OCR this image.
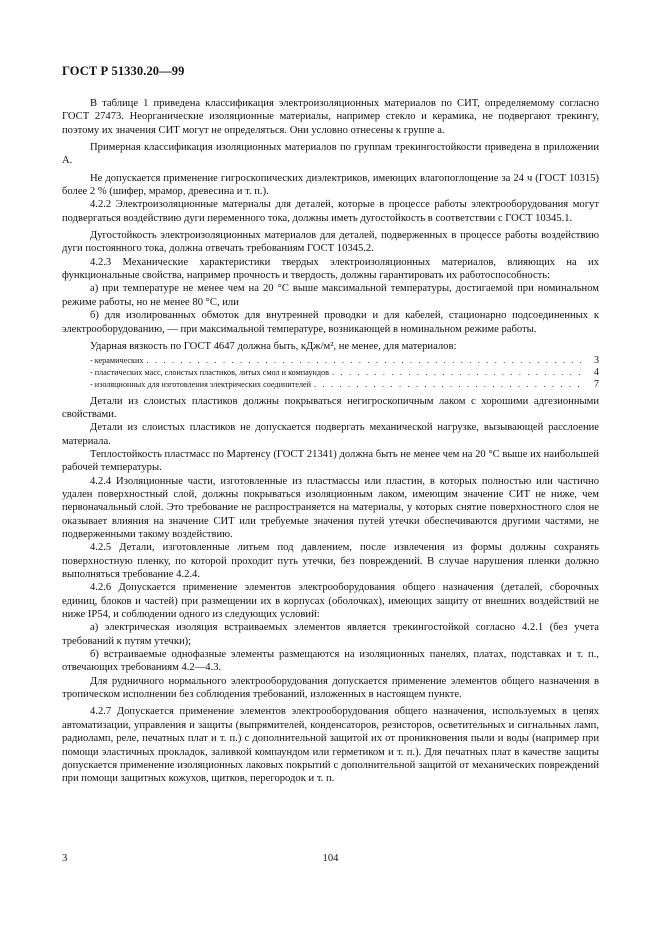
ГОСТ Р 51330.20—99

В таблице 1 приведена классификация электроизоляционных материалов по СИТ, определяемому согласно ГОСТ 27473. Неорганические изоляционные материалы, например стекло и керамика, не подвергают трекингу, поэтому их значения СИТ могут не определяться. Они условно отнесены к группе a.

Примерная классификация изоляционных материалов по группам трекингостойкости приведена в приложении А.

Не допускается применение гигроскопических диэлектриков, имеющих влагопоглощение за 24 ч (ГОСТ 10315) более 2 % (шифер, мрамор, древесина и т. п.).

4.2.2 Электроизоляционные материалы для деталей, которые в процессе работы электрооборудования могут подвергаться воздействию дуги переменного тока, должны иметь дугостойкость в соответствии с ГОСТ 10345.1.

Дугостойкость электроизоляционных материалов для деталей, подверженных в процессе работы воздействию дуги постоянного тока, должна отвечать требованиям ГОСТ 10345.2.

4.2.3 Механические характеристики твердых электроизоляционных материалов, влияющих на их функциональные свойства, например прочность и твердость, должны гарантировать их работоспособность:

а) при температуре не менее чем на 20 °С выше максимальной температуры, достигаемой при номинальном режиме работы, но не менее 80 °С, или

б) для изолированных обмоток для внутренней проводки и для кабелей, стационарно подсоединенных к электрооборудованию, — при максимальной температуре, возникающей в номинальном режиме работы.

Ударная вязкость по ГОСТ 4647 должна быть, кДж/м², не менее, для материалов:

- керамических . . .	3
- пластических масс, слоистых пластиков, литых смол и компаундов . . .	4
- изоляционных для изготовления электрических соединителей . . .	7

Детали из слоистых пластиков должны покрываться негигроскопичным лаком с хорошими адгезионными свойствами.

Детали из слоистых пластиков не допускается подвергать механической нагрузке, вызывающей расслоение материала.

Теплостойкость пластмасс по Мартенсу (ГОСТ 21341) должна быть не менее чем на 20 °С выше их наибольшей рабочей температуры.

4.2.4 Изоляционные части, изготовленные из пластмассы или пластин, в которых полностью или частично удален поверхностный слой, должны покрываться изоляционным лаком, имеющим значение СИТ не ниже, чем первоначальный слой. Это требование не распространяется на материалы, у которых снятие поверхностного слоя не оказывает влияния на значение СИТ или требуемые значения путей утечки обеспечиваются другими частями, не подверженными такому воздействию.

4.2.5 Детали, изготовленные литьем под давлением, после извлечения из формы должны сохранять поверхностную пленку, по которой проходит путь утечки, без повреждений. В случае нарушения пленки должно выполняться требование 4.2.4.

4.2.6 Допускается применение элементов электрооборудования общего назначения (деталей, сборочных единиц, блоков и частей) при размещении их в корпусах (оболочках), имеющих защиту от внешних воздействий не ниже IP54, и соблюдении одного из следующих условий:

а) электрическая изоляция встраиваемых элементов является трекингостойкой согласно 4.2.1 (без учета требований к путям утечки);

б) встраиваемые однофазные элементы размещаются на изоляционных панелях, платах, подставках и т. п., отвечающих требованиям 4.2—4.3.

Для рудничного нормального электрооборудования допускается применение элементов общего назначения в тропическом исполнении без соблюдения требований, изложенных в настоящем пункте.

4.2.7 Допускается применение элементов электрооборудования общего назначения, используемых в цепях автоматизации, управления и защиты (выпрямителей, конденсаторов, резисторов, осветительных и сигнальных ламп, радиоламп, реле, печатных плат и т. п.) с дополнительной защитой их от проникновения пыли и воды (например при помощи эластичных прокладок, заливкой компаундом или герметиком и т. п.). Для печатных плат в качестве защиты допускается применение изоляционных лаковых покрытий с дополнительной защитой от механических повреждений при помощи защитных кожухов, щитков, перегородок и т. п.

3	104
